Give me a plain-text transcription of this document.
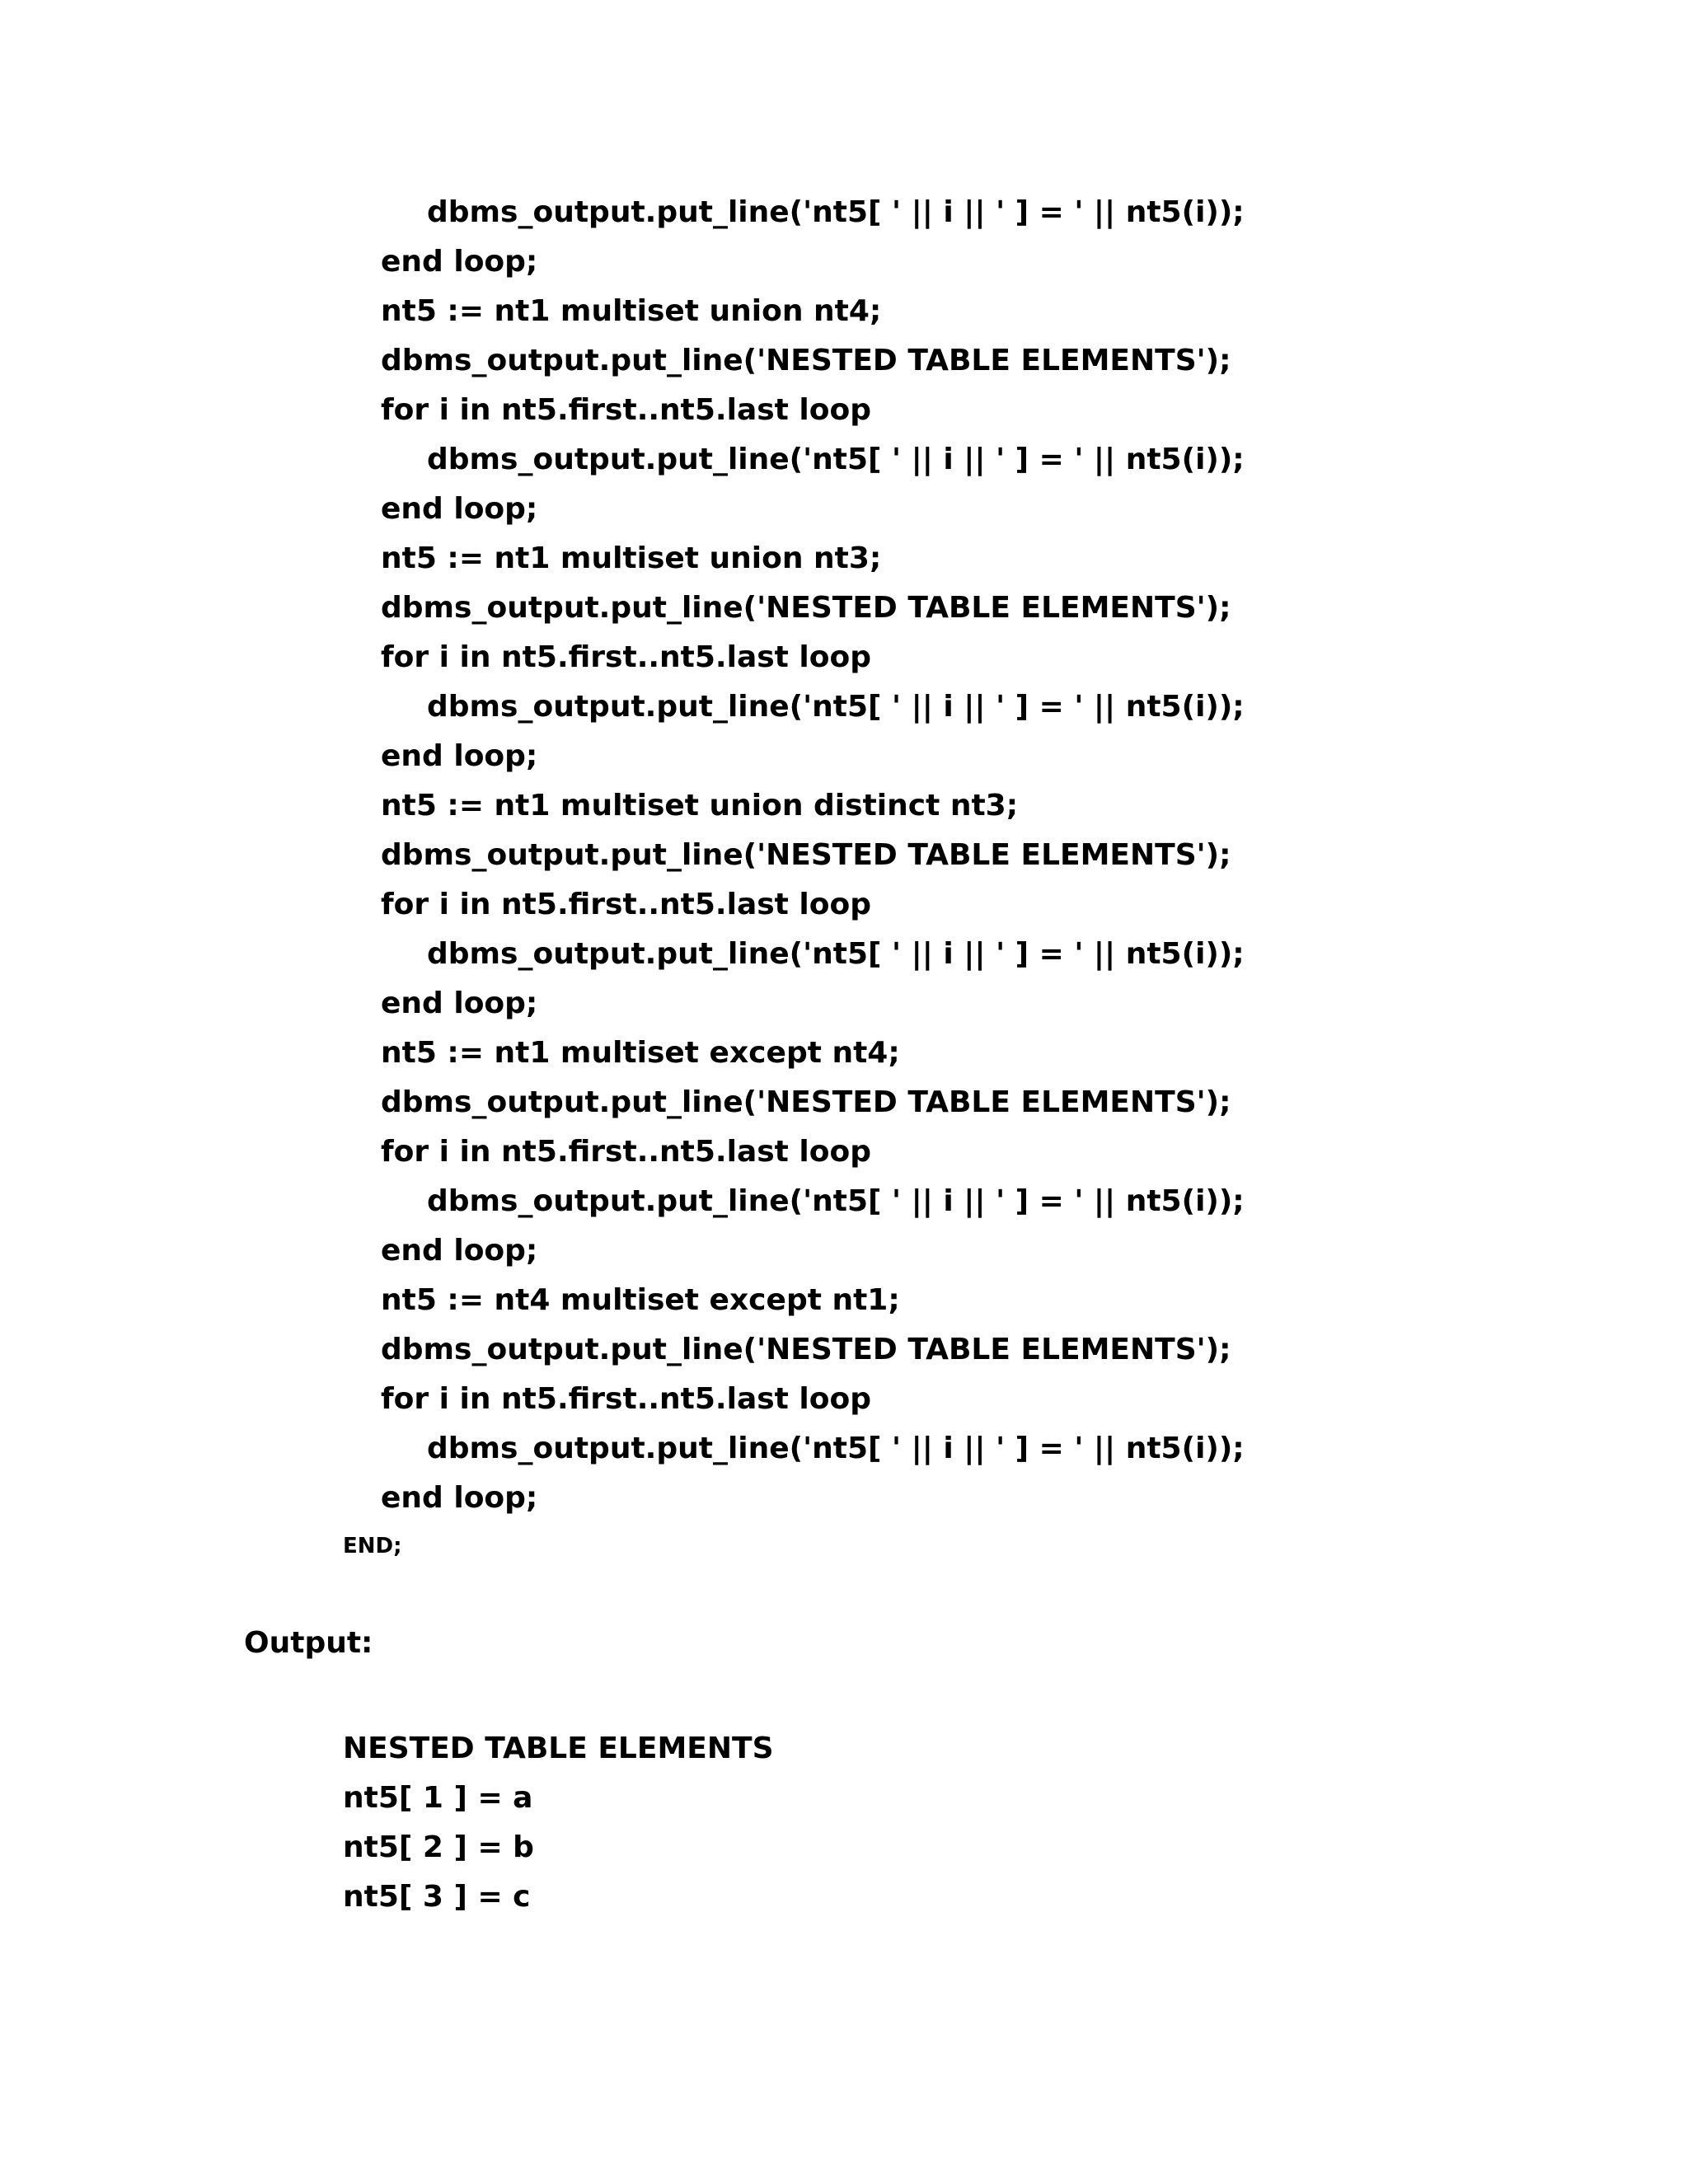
dbms_output.put_line('nt5[ ' || i || ' ] = ' || nt5(i));
end loop;
nt5 := nt1 multiset union nt4;
dbms_output.put_line('NESTED TABLE ELEMENTS');
for i in nt5.first..nt5.last loop
dbms_output.put_line('nt5[ ' || i || ' ] = ' || nt5(i));
end loop;
nt5 := nt1 multiset union nt3;
dbms_output.put_line('NESTED TABLE ELEMENTS');
for i in nt5.first..nt5.last loop
dbms_output.put_line('nt5[ ' || i || ' ] = ' || nt5(i));
end loop;
nt5 := nt1 multiset union distinct nt3;
dbms_output.put_line('NESTED TABLE ELEMENTS');
for i in nt5.first..nt5.last loop
dbms_output.put_line('nt5[ ' || i || ' ] = ' || nt5(i));
end loop;
nt5 := nt1 multiset except nt4;
dbms_output.put_line('NESTED TABLE ELEMENTS');
for i in nt5.first..nt5.last loop
dbms_output.put_line('nt5[ ' || i || ' ] = ' || nt5(i));
end loop;
nt5 := nt4 multiset except nt1;
dbms_output.put_line('NESTED TABLE ELEMENTS');
for i in nt5.first..nt5.last loop
dbms_output.put_line('nt5[ ' || i || ' ] = ' || nt5(i));
end loop;
END;
Output:
NESTED TABLE ELEMENTS
nt5[ 1 ] = a
nt5[ 2 ] = b
nt5[ 3 ] = c
